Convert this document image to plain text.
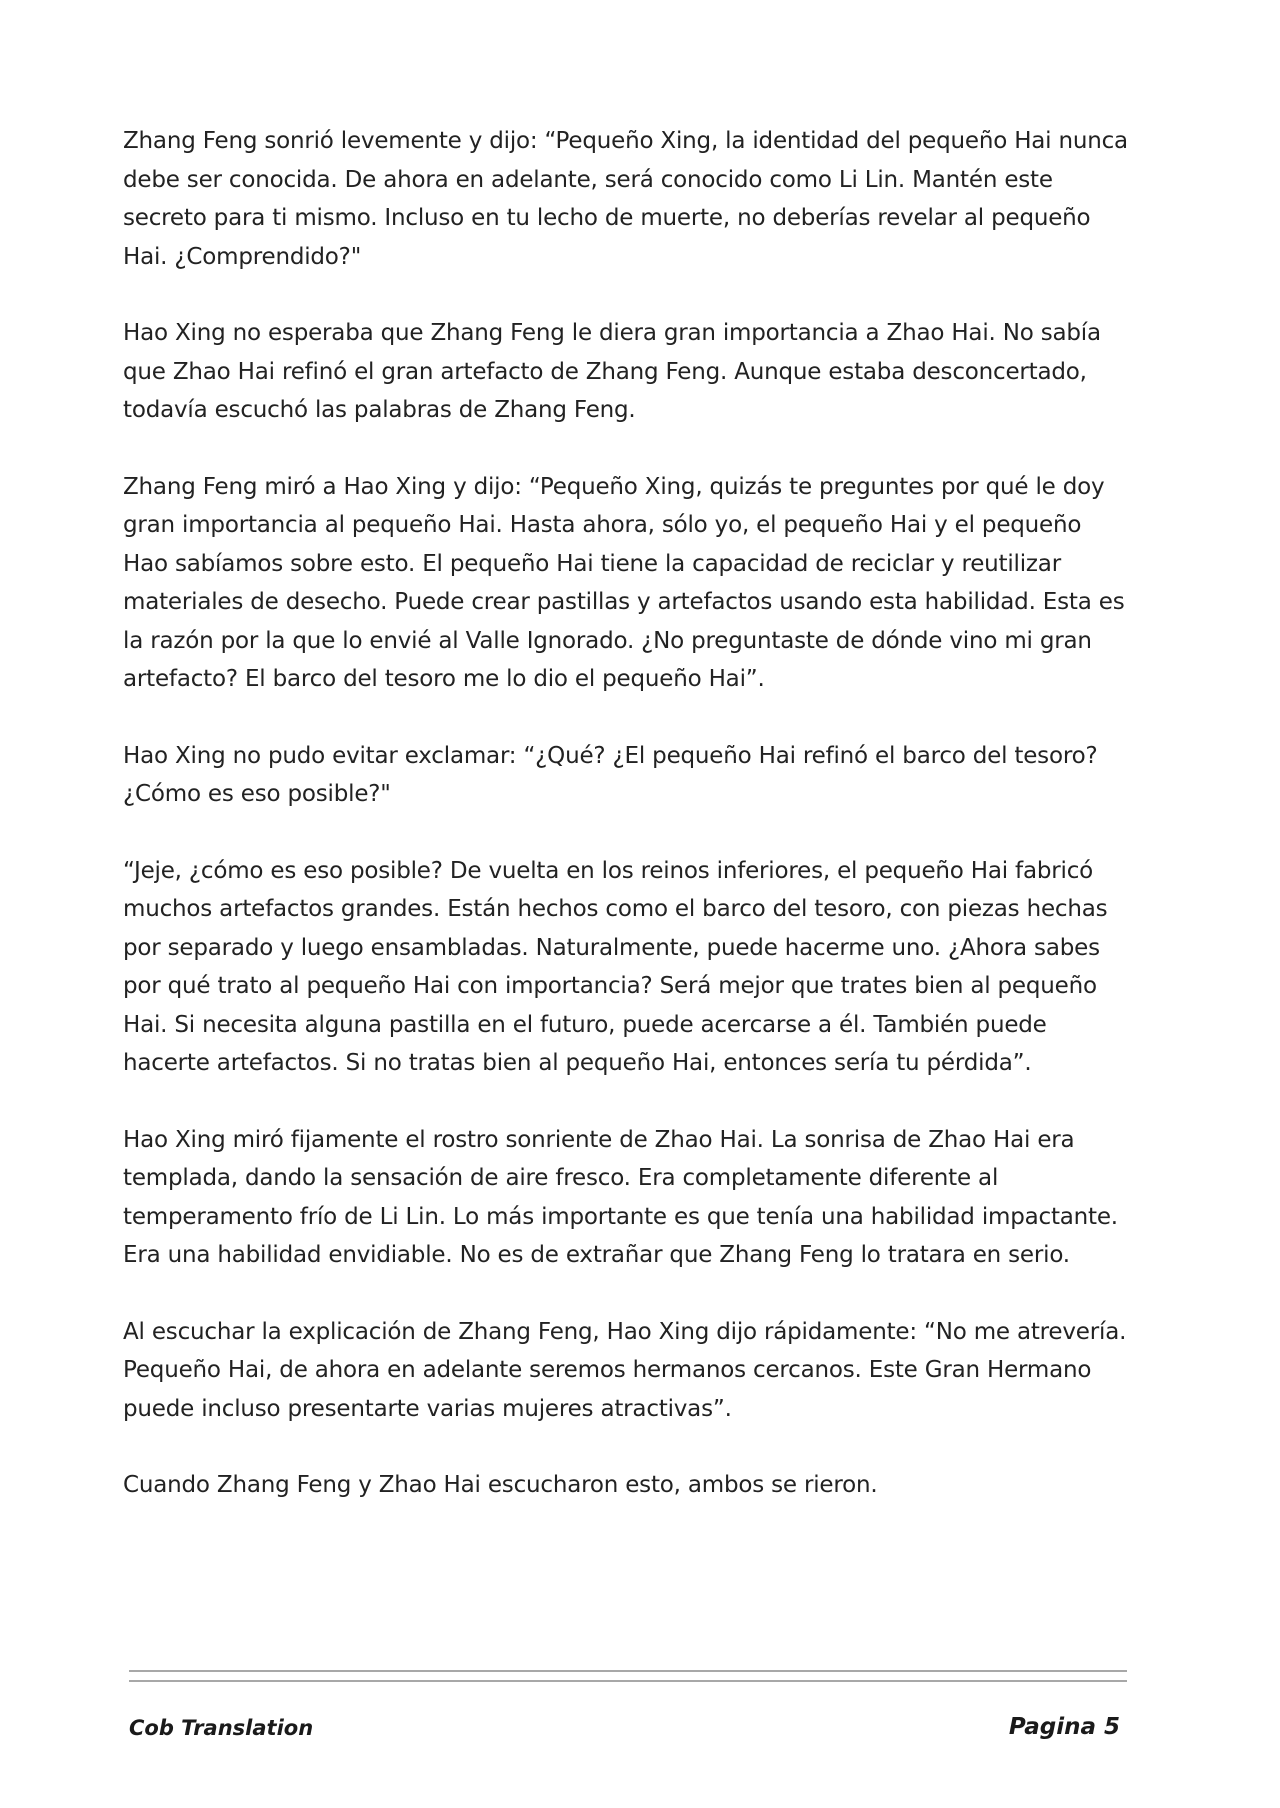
Zhang Feng sonrió levemente y dijo: “Pequeño Xing, la identidad del pequeño Hai nunca debe ser conocida. De ahora en adelante, será conocido como Li Lin. Mantén este secreto para ti mismo. Incluso en tu lecho de muerte, no deberías revelar al pequeño Hai. ¿Comprendido?"

Hao Xing no esperaba que Zhang Feng le diera gran importancia a Zhao Hai. No sabía que Zhao Hai refinó el gran artefacto de Zhang Feng. Aunque estaba desconcertado, todavía escuchó las palabras de Zhang Feng.

Zhang Feng miró a Hao Xing y dijo: “Pequeño Xing, quizás te preguntes por qué le doy gran importancia al pequeño Hai. Hasta ahora, sólo yo, el pequeño Hai y el pequeño Hao sabíamos sobre esto. El pequeño Hai tiene la capacidad de reciclar y reutilizar materiales de desecho. Puede crear pastillas y artefactos usando esta habilidad. Esta es la razón por la que lo envié al Valle Ignorado. ¿No preguntaste de dónde vino mi gran artefacto? El barco del tesoro me lo dio el pequeño Hai”.

Hao Xing no pudo evitar exclamar: “¿Qué? ¿El pequeño Hai refinó el barco del tesoro? ¿Cómo es eso posible?"

“Jeje, ¿cómo es eso posible? De vuelta en los reinos inferiores, el pequeño Hai fabricó muchos artefactos grandes. Están hechos como el barco del tesoro, con piezas hechas por separado y luego ensambladas. Naturalmente, puede hacerme uno. ¿Ahora sabes por qué trato al pequeño Hai con importancia? Será mejor que trates bien al pequeño Hai. Si necesita alguna pastilla en el futuro, puede acercarse a él. También puede hacerte artefactos. Si no tratas bien al pequeño Hai, entonces sería tu pérdida”.

Hao Xing miró fijamente el rostro sonriente de Zhao Hai. La sonrisa de Zhao Hai era templada, dando la sensación de aire fresco. Era completamente diferente al temperamento frío de Li Lin. Lo más importante es que tenía una habilidad impactante. Era una habilidad envidiable. No es de extrañar que Zhang Feng lo tratara en serio.

Al escuchar la explicación de Zhang Feng, Hao Xing dijo rápidamente: “No me atrevería. Pequeño Hai, de ahora en adelante seremos hermanos cercanos. Este Gran Hermano puede incluso presentarte varias mujeres atractivas”.

Cuando Zhang Feng y Zhao Hai escucharon esto, ambos se rieron.

Cob Translation	Pagina 5
